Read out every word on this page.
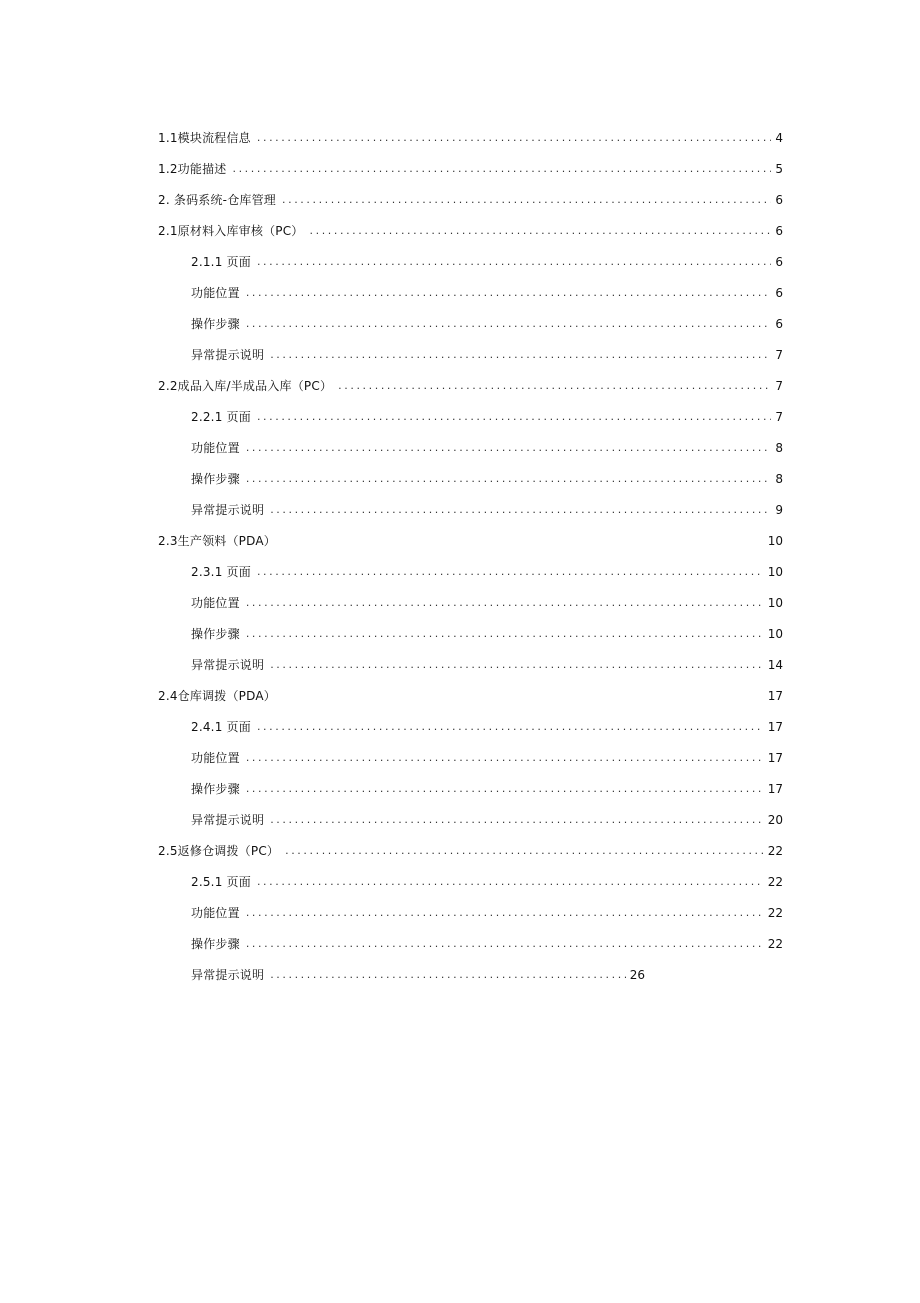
1.1模块流程信息 .....	4
1.2功能描述 .....	5
2. 条码系统-仓库管理 .....	6
2.1原材料入库审核（PC） .....	6
2.1.1 页面 .....	6
功能位置 .....	6
操作步骤 .....	6
异常提示说明 .....	7
2.2成品入库/半成品入库（PC） .....	7
2.2.1 页面 .....	7
功能位置 .....	8
操作步骤 .....	8
异常提示说明 .....	9
2.3生产领料（PDA）	10
2.3.1 页面 .....	10
功能位置 .....	10
操作步骤 .....	10
异常提示说明 .....	14
2.4仓库调拨（PDA）	17
2.4.1 页面 .....	17
功能位置 .....	17
操作步骤 .....	17
异常提示说明 .....	20
2.5返修仓调拨（PC） .....	22
2.5.1 页面 .....	22
功能位置 .....	22
操作步骤 .....	22
异常提示说明 .....	26
